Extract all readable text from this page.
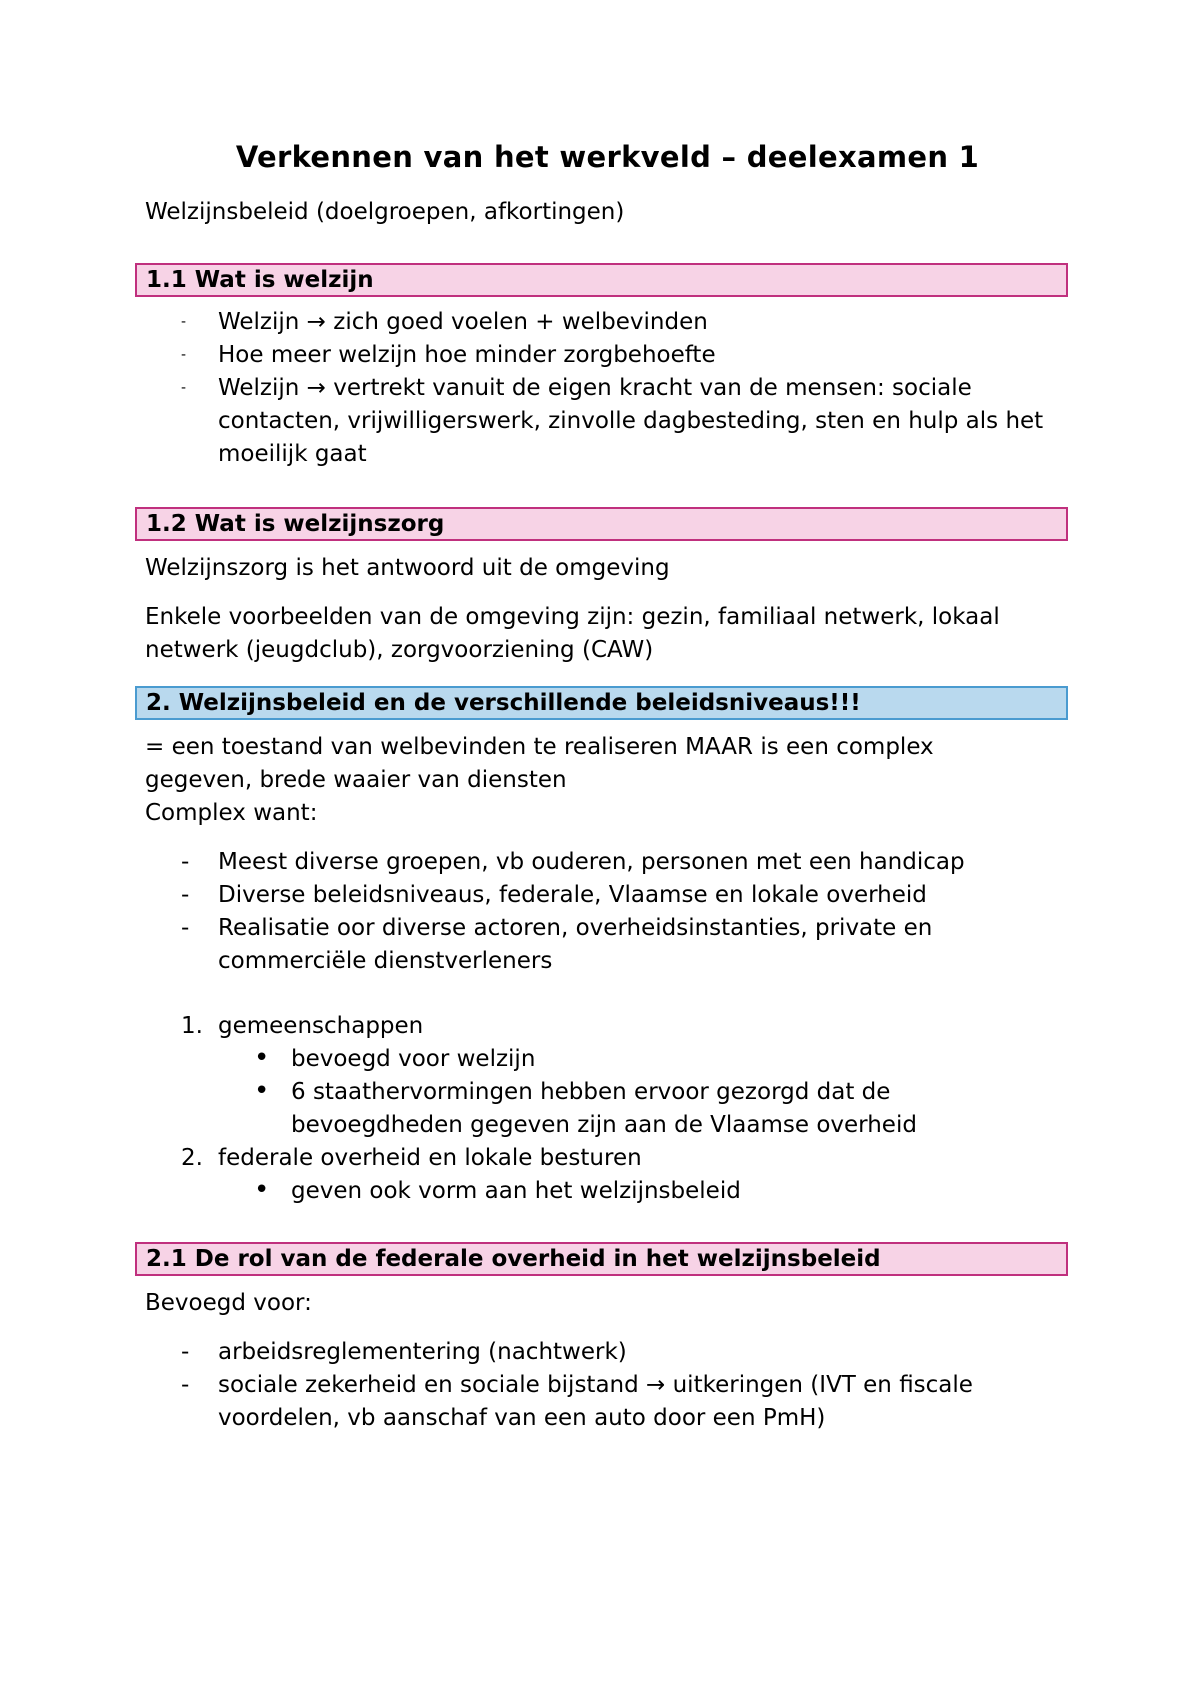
Verkennen van het werkveld – deelexamen 1

Welzijnsbeleid (doelgroepen, afkortingen)

1.1 Wat is welzijn
-	Welzijn → zich goed voelen + welbevinden
-	Hoe meer welzijn hoe minder zorgbehoefte
-	Welzijn → vertrekt vanuit de eigen kracht van de mensen: sociale contacten, vrijwilligerswerk, zinvolle dagbesteding, sten en hulp als het moeilijk gaat
1.2 Wat is welzijnszorg

Welzijnszorg is het antwoord uit de omgeving

Enkele voorbeelden van de omgeving zijn: gezin, familiaal netwerk, lokaal

netwerk (jeugdclub), zorgvoorziening (CAW)

2. Welzijnsbeleid en de verschillende beleidsniveaus!!!

= een toestand van welbevinden te realiseren MAAR is een complex

gegeven, brede waaier van diensten

Complex want:

-	Meest diverse groepen, vb ouderen, personen met een handicap
-	Diverse beleidsniveaus, federale, Vlaamse en lokale overheid
-	Realisatie oor diverse actoren, overheidsinstanties, private en commerciële dienstverleners
1. gemeenschappen
• bevoegd voor welzijn
• 6 staathervormingen hebben ervoor gezorgd dat de bevoegdheden gegeven zijn aan de Vlaamse overheid
2. federale overheid en lokale besturen
• geven ook vorm aan het welzijnsbeleid
2.1 De rol van de federale overheid in het welzijnsbeleid

Bevoegd voor:

-	arbeidsreglementering (nachtwerk)
-	sociale zekerheid en sociale bijstand → uitkeringen (IVT en fiscale voordelen, vb aanschaf van een auto door een PmH)
